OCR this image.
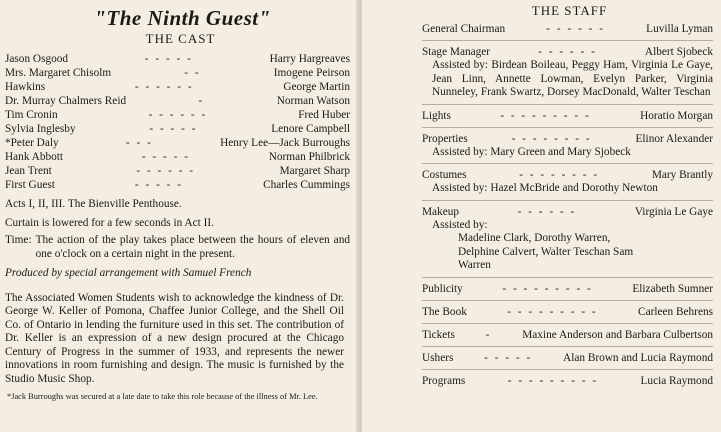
"The Ninth Guest"
THE CAST
Jason Osgood	- - - - -	Harry Hargreaves
Mrs. Margaret Chisolm	- -	Imogene Peirson
Hawkins	- - - - - -	George Martin
Dr. Murray Chalmers Reid	-	Norman Watson
Tim Cronin	- - - - - -	Fred Huber
Sylvia Inglesby	- - - - -	Lenore Campbell
*Peter Daly	- - -	Henry Lee—Jack Burroughs
Hank Abbott	- - - - -	Norman Philbrick
Jean Trent	- - - - - -	Margaret Sharp
First Guest	- - - - -	Charles Cummings

Acts I, II, III. The Bienville Penthouse.

Curtain is lowered for a few seconds in Act II.

Time: The action of the play takes place between the hours of eleven and one o'clock on a certain night in the present.

Produced by special arrangement with Samuel French

The Associated Women Students wish to acknowledge the kindness of Dr. George W. Keller of Pomona, Chaffee Junior College, and the Shell Oil Co. of Ontario in lending the furniture used in this set. The contribution of Dr. Keller is an expression of a new design procured at the Chicago Century of Progress in the summer of 1933, and represents the newer innovations in room furnishing and design. The music is furnished by the Studio Music Shop.

*Jack Burroughs was secured at a late date to take this role because of the illness of Mr. Lee.

THE STAFF
General Chairman	- - - - - -	Luvilla Lyman
Stage Manager	- - - - - -	Albert Sjobeck

Assisted by: Birdean Boileau, Peggy Ham, Virginia Le Gaye, Jean Linn, Annette Lowman, Evelyn Parker, Virginia Nunneley, Frank Swartz, Dorsey MacDonald, Walter Teschan

Lights	- - - - - - - - -	Horatio Morgan
Properties	- - - - - - - -	Elinor Alexander

Assisted by: Mary Green and Mary Sjobeck

Costumes	- - - - - - - -	Mary Brantly

Assisted by: Hazel McBride and Dorothy Newton

Makeup	- - - - - -	Virginia Le Gaye

Assisted by:

Madeline Clark, Dorothy Warren, Delphine Calvert, Walter Teschan Sam Warren

Publicity	- - - - - - - - -	Elizabeth Sumner
The Book	- - - - - - - - -	Carleen Behrens
Tickets	-	Maxine Anderson and Barbara Culbertson
Ushers	- - - - -	Alan Brown and Lucia Raymond
Programs	- - - - - - - - -	Lucia Raymond
